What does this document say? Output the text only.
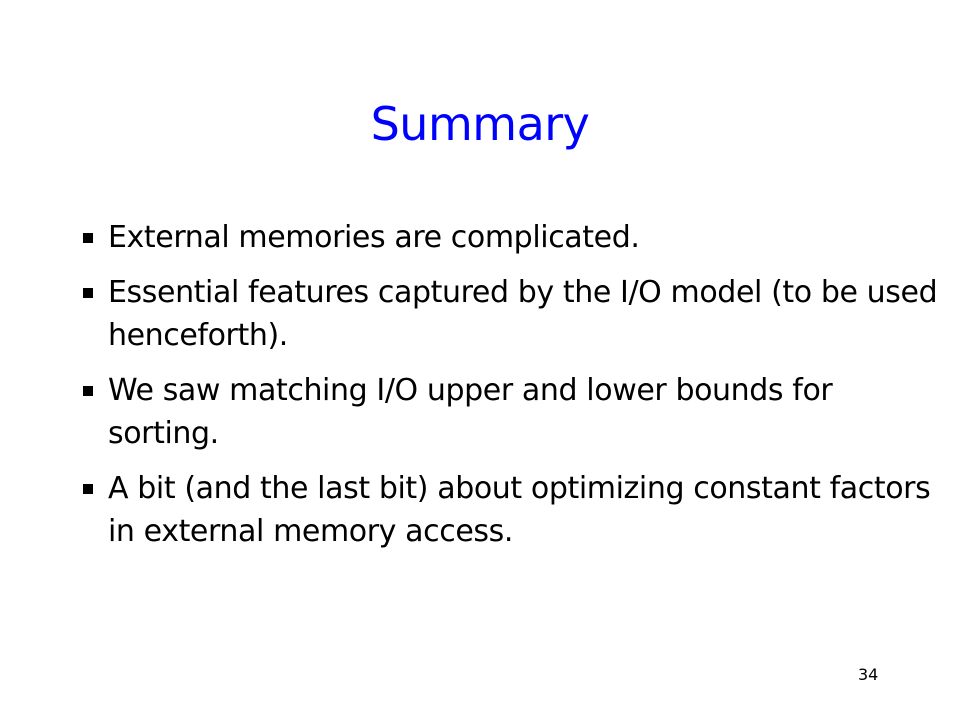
Summary
External memories are complicated.
Essential features captured by the I/O model (to be used henceforth).
We saw matching I/O upper and lower bounds for sorting.
A bit (and the last bit) about optimizing constant factors in external memory access.
34
